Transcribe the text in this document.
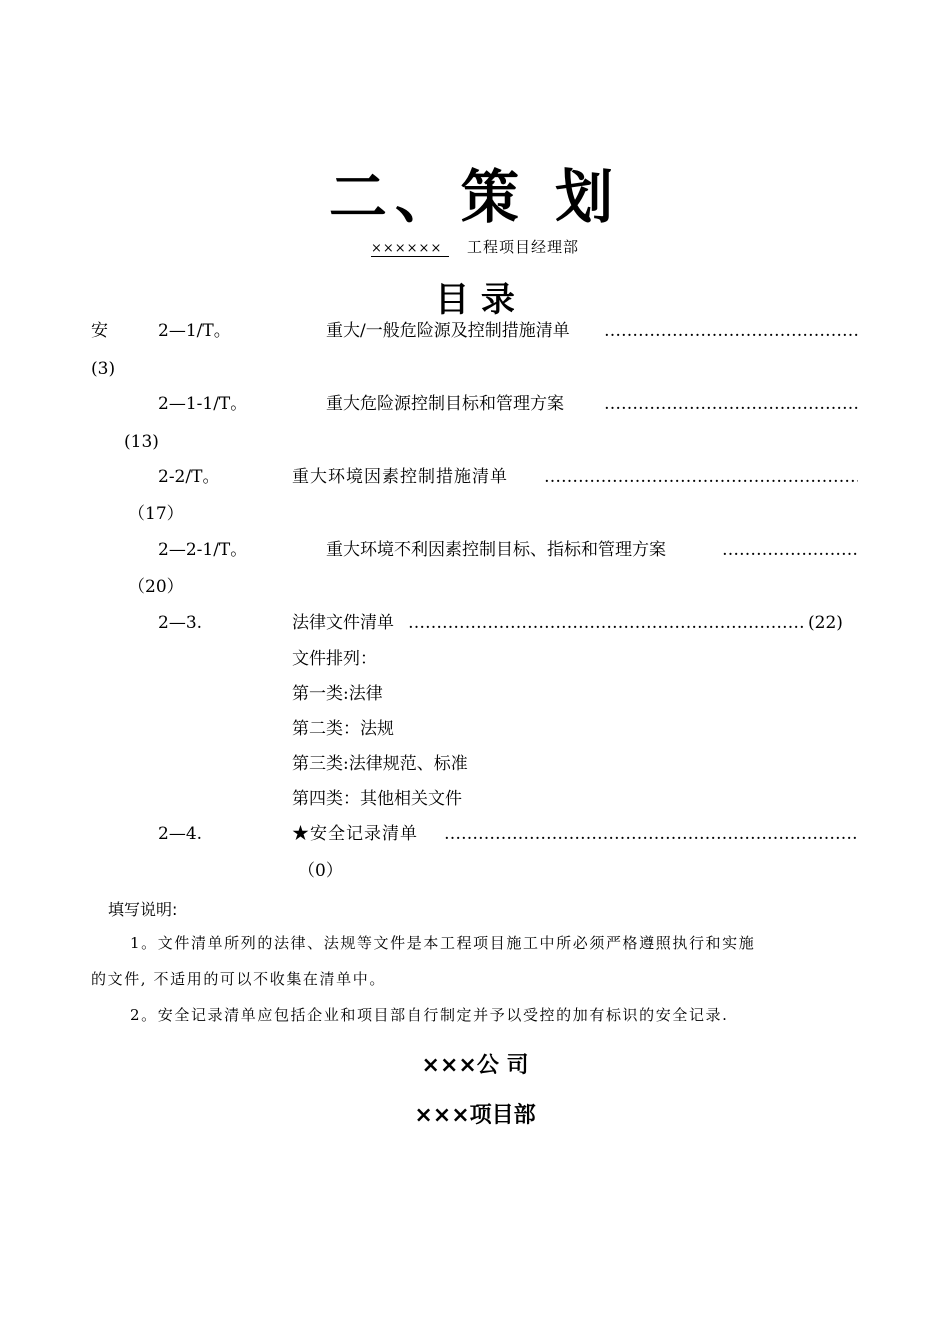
二、策 划
×××××× 工程项目经理部
目 录
安	2—1/T。	重大/一般危险源及控制措施清单
…………………………………………………………………………………………………………………………
(3)
2—1-1/T。	重大危险源控制目标和管理方案
…………………………………………………………………………………………………………………………
(13)
2-2/T。	重大环境因素控制措施清单
…………………………………………………………………………………………………………………………
（17）
2—2-1/T。	重大环境不利因素控制目标、指标和管理方案
…………………………………………………………………………………………………………………………
（20）
2—3.	法律文件清单
…………………………………………………………………………………………………………………………	(22)
文件排列：
第一类:法律
第二类：法规
第三类:法律规范、标准
第四类：其他相关文件
2—4.	★安全记录清单
…………………………………………………………………………………………………………………………
（0）
填写说明:
1。文件清单所列的法律、法规等文件是本工程项目施工中所必须严格遵照执行和实施
的文件, 不适用的可以不收集在清单中。
2。安全记录清单应包括企业和项目部自行制定并予以受控的加有标识的安全记录.
×××公 司
×××项目部
